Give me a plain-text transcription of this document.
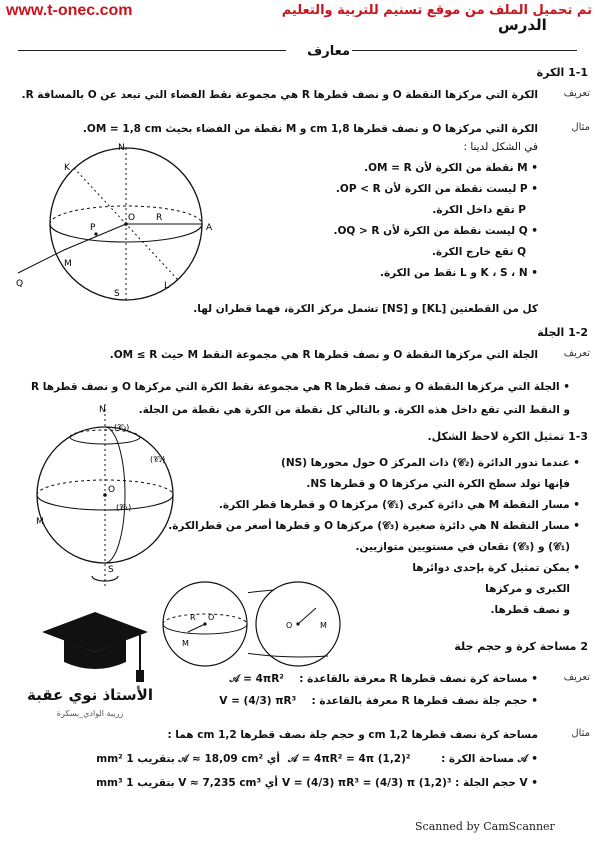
www.t-onec.com	تم تحميل الملف من موقع تسنيم للتربية والتعليم
الدرس
معارف
1-1 الكرة
تعريف
الكرة التي مركزها النقطة O و نصف قطرها R هي مجموعة نقط الفضاء التي تبعد عن O بالمسافة R.
مثال
الكرة التي مركزها O و نصف قطرها 1,8 cm و M نقطة من الفضاء بحيث OM = 1,8 cm.
في الشكل لدينا :
• M نقطة من الكرة لأن OM = R.
• P ليست نقطة من الكرة لأن OP < R.
P تقع داخل الكرة.
• Q ليست نقطة من الكرة لأن OQ > R.
Q تقع خارج الكرة.
• K ، S ، N و L نقط من الكرة.
كل من القطعتين [KL] و [NS] تشمل مركز الكرة، فهما قطران لها.
N
K
O R
A
P
M
Q
S
L
1-2 الجلة
تعريف
الجلة التي مركزها النقطة O و نصف قطرها R هي مجموعة النقط M حيث OM ≤ R.
• الجلة التي مركزها النقطة O و نصف قطرها R هي مجموعة نقط الكرة التي مركزها O و نصف قطرها R
و النقط التي تقع داخل هذه الكرة. و بالتالي كل نقطة من الكرة هي نقطة من الجلة.
1-3 تمثيل الكرة لاحظ الشكل.
• عندما تدور الدائرة (𝒞₂) ذات المركز O حول محورها (NS)
فإنها تولد سطح الكرة التي مركزها O و قطرها NS.
• مسار النقطة M هي دائرة كبرى (𝒞₁) مركزها O و قطرها قطر الكرة.
• مسار النقطة N هي دائرة صغيرة (𝒞₃) مركزها O و قطرها أصغر من قطرالكرة.
(𝒞₁) و (𝒞₃) تقعان في مستويين متوازيين.
• يمكن تمثيل كرة بإحدى دوائرها
الكبرى و مركزها
و نصف قطرها.
N
O
M
S
(𝒞₁)
(𝒞₂)
(𝒞₃)
R O
M
O	M
الأستاذ نوي عقبة
زريبة الوادي_بسكرة
2 مساحة كرة و حجم جلة
تعريف
• مساحة كرة نصف قطرها R معرفة بالقاعدة :  𝒜 = 4πR²
• حجم جلة نصف قطرها R معرفة بالقاعدة :  V = (4/3) πR³
مثال
مساحة كرة نصف قطرها 1,2 cm و حجم جلة نصف قطرها 1,2 cm هما :
• 𝒜 مساحة الكرة :
𝒜 = 4πR² = 4π (1,2)²
أي 𝒜 ≈ 18,09 cm² بتقريب 1 mm²
• V حجم الجلة :
V = (4/3) πR³ = (4/3) π (1,2)³
أي V ≈ 7,235 cm³ بتقريب 1 mm³
Scanned by CamScanner
